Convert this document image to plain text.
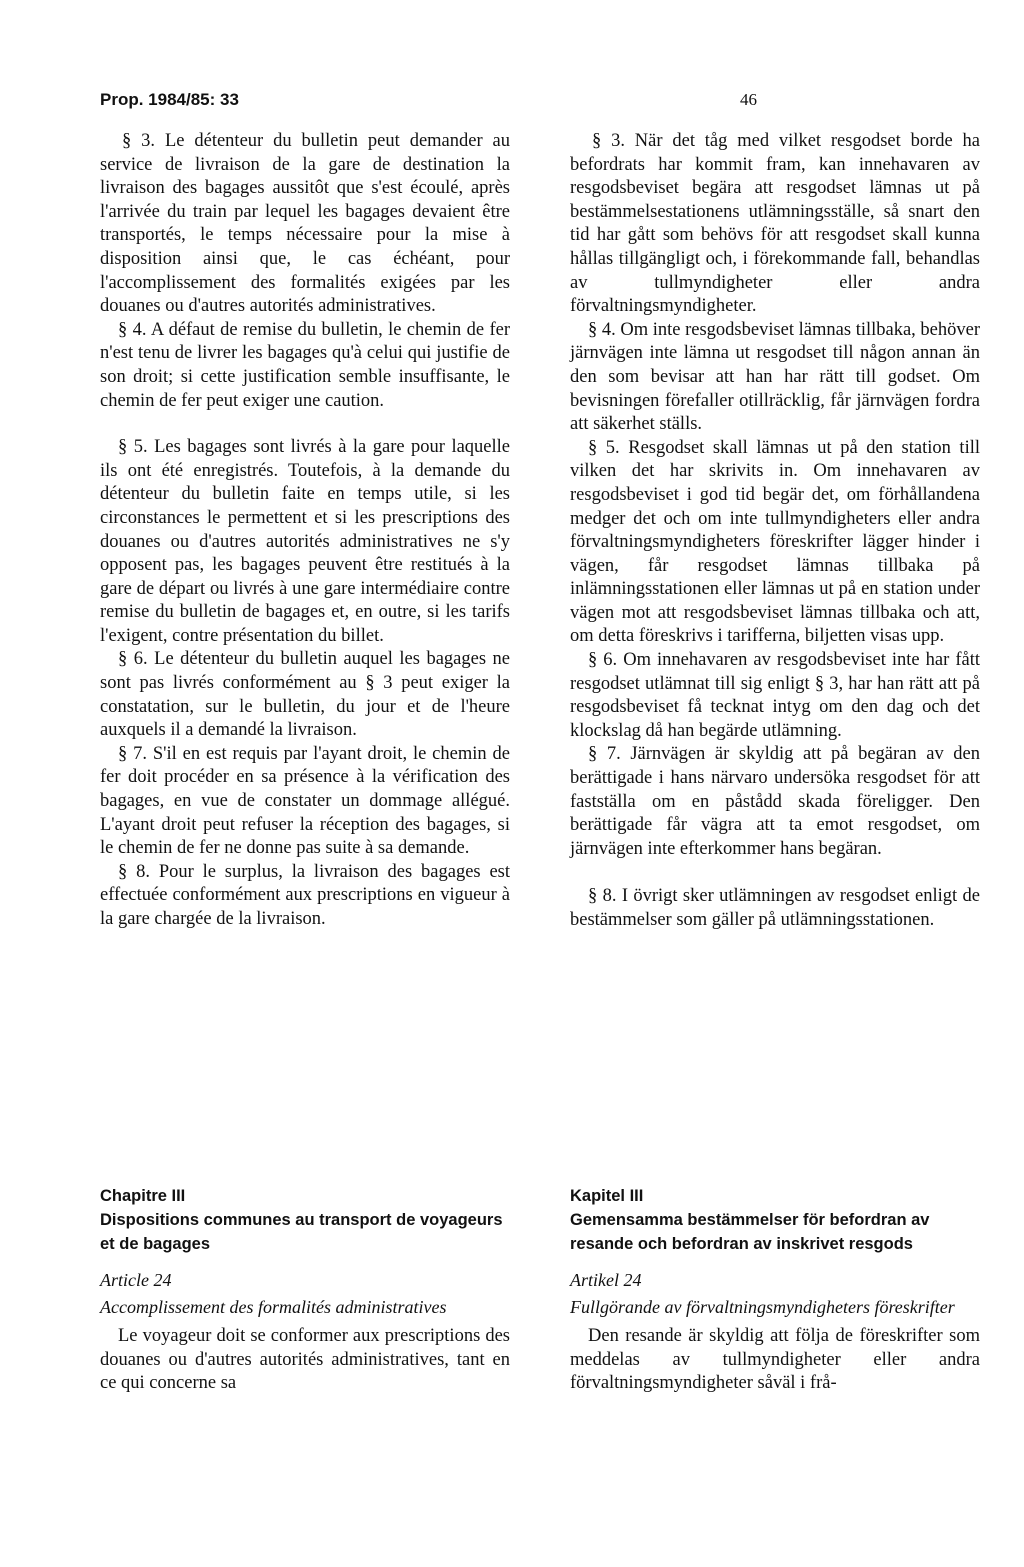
Prop. 1984/85: 33	46

§ 3. Le détenteur du bulletin peut demander au service de livraison de la gare de destination la livraison des bagages aussitôt que s'est écoulé, après l'arrivée du train par lequel les bagages devaient être transportés, le temps nécessaire pour la mise à disposition ainsi que, le cas échéant, pour l'accomplissement des formalités exigées par les douanes ou d'autres autorités administratives.

§ 4. A défaut de remise du bulletin, le chemin de fer n'est tenu de livrer les bagages qu'à celui qui justifie de son droit; si cette justification semble insuffisante, le chemin de fer peut exiger une caution.

§ 5. Les bagages sont livrés à la gare pour laquelle ils ont été enregistrés. Toutefois, à la demande du détenteur du bulletin faite en temps utile, si les circonstances le permettent et si les prescriptions des douanes ou d'autres autorités administratives ne s'y opposent pas, les bagages peuvent être restitués à la gare de départ ou livrés à une gare intermédiaire contre remise du bulletin de bagages et, en outre, si les tarifs l'exigent, contre présentation du billet.

§ 6. Le détenteur du bulletin auquel les bagages ne sont pas livrés conformément au § 3 peut exiger la constatation, sur le bulletin, du jour et de l'heure auxquels il a demandé la livraison.

§ 7. S'il en est requis par l'ayant droit, le chemin de fer doit procéder en sa présence à la vérification des bagages, en vue de constater un dommage allégué. L'ayant droit peut refuser la réception des bagages, si le chemin de fer ne donne pas suite à sa demande.

§ 8. Pour le surplus, la livraison des bagages est effectuée conformément aux prescriptions en vigueur à la gare chargée de la livraison.

§ 3. När det tåg med vilket resgodset borde ha befordrats har kommit fram, kan innehavaren av resgodsbeviset begära att resgodset lämnas ut på bestämmelsestationens utlämningsställe, så snart den tid har gått som behövs för att resgodset skall kunna hållas tillgängligt och, i förekommande fall, behandlas av tullmyndigheter eller andra förvaltningsmyndigheter.

§ 4. Om inte resgodsbeviset lämnas tillbaka, behöver järnvägen inte lämna ut resgodset till någon annan än den som bevisar att han har rätt till godset. Om bevisningen förefaller otillräcklig, får järnvägen fordra att säkerhet ställs.

§ 5. Resgodset skall lämnas ut på den station till vilken det har skrivits in. Om innehavaren av resgodsbeviset i god tid begär det, om förhållandena medger det och om inte tullmyndigheters eller andra förvaltningsmyndigheters föreskrifter lägger hinder i vägen, får resgodset lämnas tillbaka på inlämningsstationen eller lämnas ut på en station under vägen mot att resgodsbeviset lämnas tillbaka och att, om detta föreskrivs i tarifferna, biljetten visas upp.

§ 6. Om innehavaren av resgodsbeviset inte har fått resgodset utlämnat till sig enligt § 3, har han rätt att på resgodsbeviset få tecknat intyg om den dag och det klockslag då han begärde utlämning.

§ 7. Järnvägen är skyldig att på begäran av den berättigade i hans närvaro undersöka resgodset för att fastställa om en påstådd skada föreligger. Den berättigade får vägra att ta emot resgodset, om järnvägen inte efterkommer hans begäran.

§ 8. I övrigt sker utlämningen av resgodset enligt de bestämmelser som gäller på utlämningsstationen.

Chapitre III
Dispositions communes au transport de voyageurs et de bagages
Article 24
Accomplissement des formalités administratives

Le voyageur doit se conformer aux prescriptions des douanes ou d'autres autorités administratives, tant en ce qui concerne sa

Kapitel III
Gemensamma bestämmelser för befordran av resande och befordran av inskrivet resgods
Artikel 24
Fullgörande av förvaltningsmyndigheters föreskrifter

Den resande är skyldig att följa de föreskrifter som meddelas av tullmyndigheter eller andra förvaltningsmyndigheter såväl i frå-
